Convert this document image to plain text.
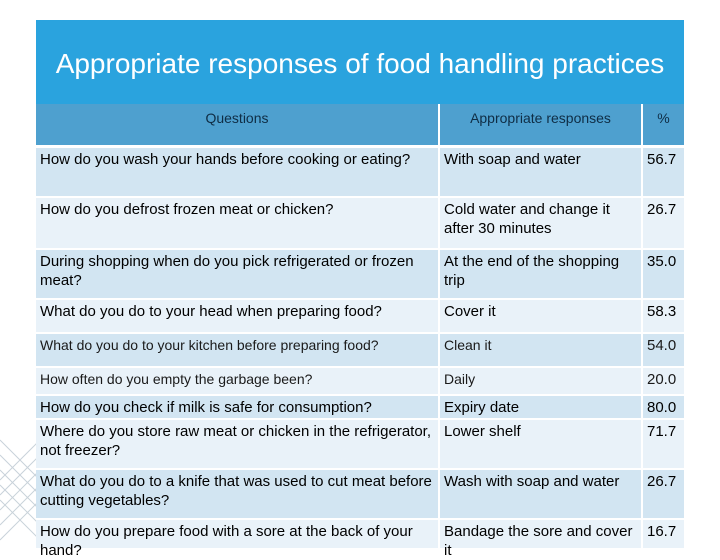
Appropriate responses of food handling practices
Questions	Appropriate responses	%
How do you wash your hands before cooking or eating?	With soap and water	56.7
How do you defrost frozen meat or chicken?	Cold water and change it after 30 minutes	26.7
During shopping when do you pick refrigerated or frozen meat?	At the end of the shopping trip	35.0

What do you do to your head when preparing food?	Cover it	58.3
What do you do to your kitchen before preparing food?	Clean it	54.0
How often do you empty the garbage been?	Daily	20.0
How do you check if milk is safe for consumption?	Expiry date	80.0
Where do you store raw meat or chicken in the refrigerator, not freezer?	Lower shelf	71.7
What do you do to a knife that was used to cut meat before cutting vegetables?	Wash with soap and water	26.7

How do you prepare food with a sore at the back of your hand?	Bandage the sore and cover it	16.7
